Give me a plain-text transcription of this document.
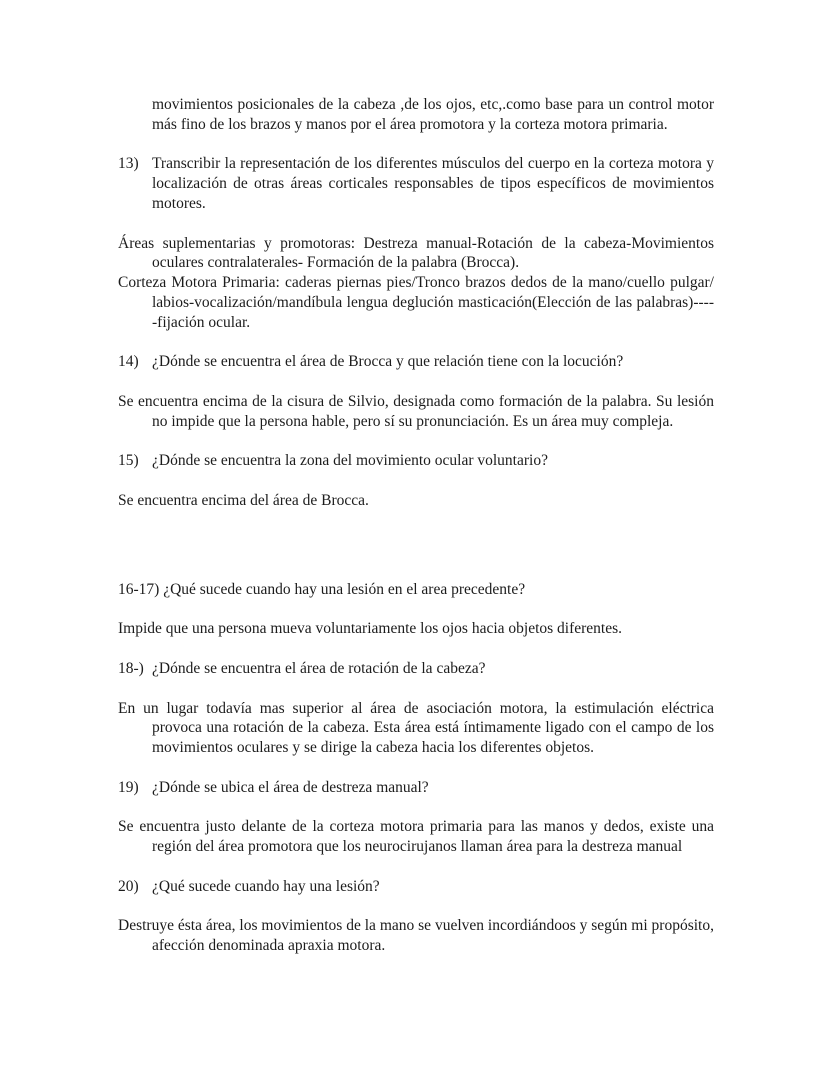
movimientos posicionales de la cabeza ,de los ojos, etc,.como base para un control motor más fino de los brazos y manos por el área promotora y la corteza motora primaria.

13) Transcribir la representación de los diferentes músculos del cuerpo en la corteza motora y localización de otras áreas corticales responsables de tipos específicos de movimientos motores.

Áreas suplementarias y promotoras: Destreza manual-Rotación de la cabeza-Movimientos oculares contralaterales- Formación de la palabra (Brocca).

Corteza Motora Primaria: caderas piernas pies/Tronco brazos dedos de la mano/cuello pulgar/ labios-vocalización/mandíbula lengua deglución masticación(Elección de las palabras)-----fijación ocular.

14) ¿Dónde se encuentra el área de Brocca y que relación tiene con la locución?

Se encuentra encima de la cisura de Silvio, designada como formación de la palabra. Su lesión no impide que la persona hable, pero sí su pronunciación. Es un área muy compleja.

15) ¿Dónde se encuentra la zona del movimiento ocular voluntario?

Se encuentra encima del área de Brocca.

16-17) ¿Qué sucede cuando hay una lesión en el area precedente?

Impide que una persona mueva voluntariamente los ojos hacia objetos diferentes.

18-) ¿Dónde se encuentra el área de rotación de la cabeza?

En un lugar todavía mas superior al área de asociación motora, la estimulación eléctrica provoca una rotación de la cabeza. Esta área está íntimamente ligado con el campo de los movimientos oculares y se dirige la cabeza hacia los diferentes objetos.

19) ¿Dónde se ubica el área de destreza manual?

Se encuentra justo delante de la corteza motora primaria para las manos y dedos, existe una región del área promotora que los neurocirujanos llaman área para la destreza manual

20) ¿Qué sucede cuando hay una lesión?

Destruye ésta área, los movimientos de la mano se vuelven incordiándoos y según mi propósito, afección denominada apraxia motora.
